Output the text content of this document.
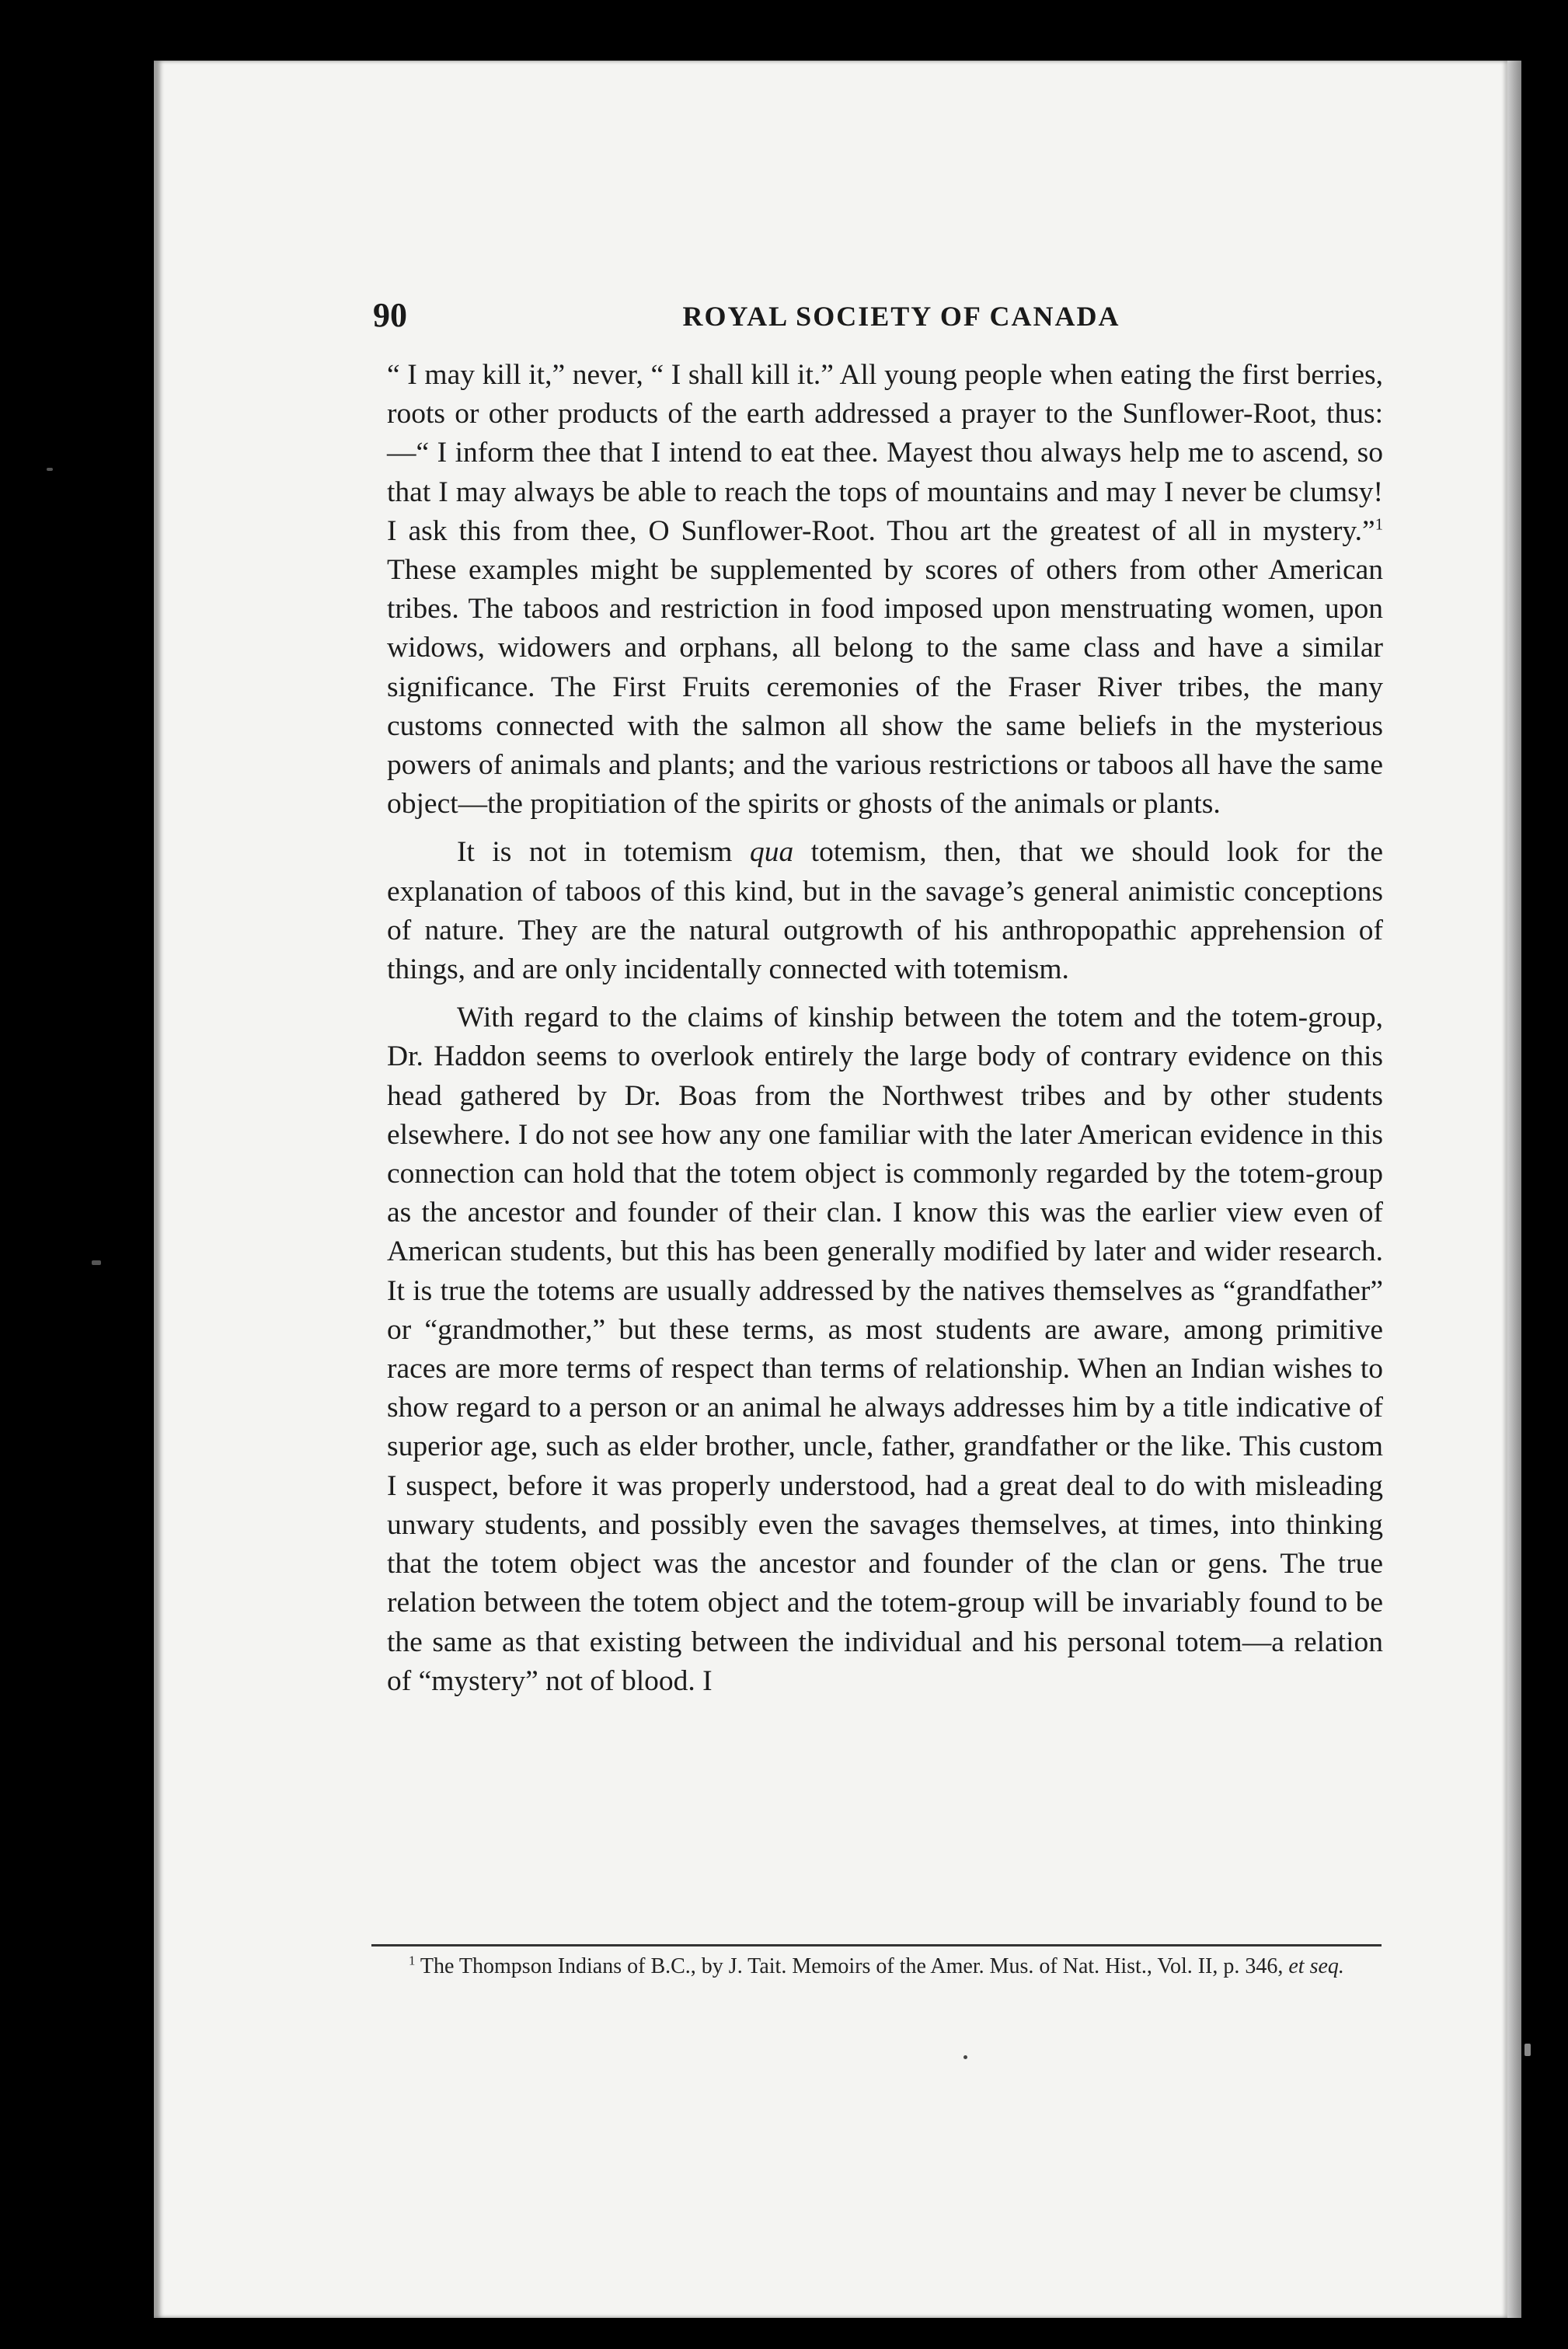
90	ROYAL SOCIETY OF CANADA

“ I may kill it,” never, “ I shall kill it.” All young people when eating the first berries, roots or other products of the earth addressed a prayer to the Sunflower-Root, thus: —“ I inform thee that I intend to eat thee. Mayest thou always help me to ascend, so that I may always be able to reach the tops of mountains and may I never be clumsy! I ask this from thee, O Sunflower-Root. Thou art the greatest of all in mystery.”$^1$ These examples might be supplemented by scores of others from other American tribes. The taboos and restriction in food imposed upon menstruating women, upon widows, widowers and orphans, all belong to the same class and have a similar significance. The First Fruits ceremonies of the Fraser River tribes, the many customs connected with the salmon all show the same beliefs in the mysterious powers of animals and plants; and the various restrictions or taboos all have the same object—the propitiation of the spirits or ghosts of the animals or plants.

It is not in totemism qua totemism, then, that we should look for the explanation of taboos of this kind, but in the savage’s general animistic conceptions of nature. They are the natural outgrowth of his anthropopathic apprehension of things, and are only incidentally connected with totemism.

With regard to the claims of kinship between the totem and the totem-group, Dr. Haddon seems to overlook entirely the large body of contrary evidence on this head gathered by Dr. Boas from the Northwest tribes and by other students elsewhere. I do not see how any one familiar with the later American evidence in this connection can hold that the totem object is commonly regarded by the totem-group as the ancestor and founder of their clan. I know this was the earlier view even of American students, but this has been generally modified by later and wider research. It is true the totems are usually addressed by the natives themselves as “grandfather” or “grandmother,” but these terms, as most students are aware, among primitive races are more terms of respect than terms of relationship. When an Indian wishes to show regard to a person or an animal he always addresses him by a title indicative of superior age, such as elder brother, uncle, father, grandfather or the like. This custom I suspect, before it was properly understood, had a great deal to do with misleading unwary students, and possibly even the savages themselves, at times, into thinking that the totem object was the ancestor and founder of the clan or gens. The true relation between the totem object and the totem-group will be invariably found to be the same as that existing between the individual and his personal totem—a relation of “mystery” not of blood. I

$^1$ The Thompson Indians of B.C., by J. Tait. Memoirs of the Amer. Mus. of Nat. Hist., Vol. II, p. 346, et seq.
